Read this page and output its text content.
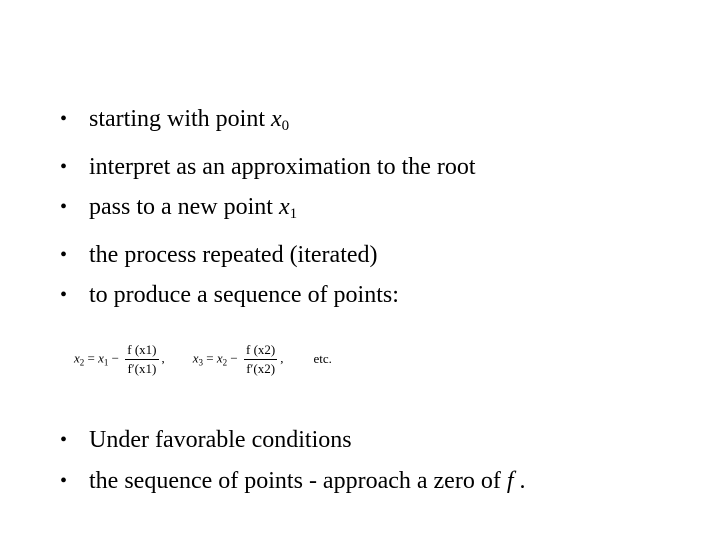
• starting with point $x_0$
• interpret as an approximation to the root
• pass to a new point $x_1$
• the process repeated (iterated)
• to produce a sequence of points:
$x_2 = x_1 - \frac{f (x1)}{f'(x1)}$ , $x_3 = x_2 - \frac{f (x2)}{f'(x2)}$ , etc.
• Under favorable conditions
• the sequence of points - approach a zero of f .
